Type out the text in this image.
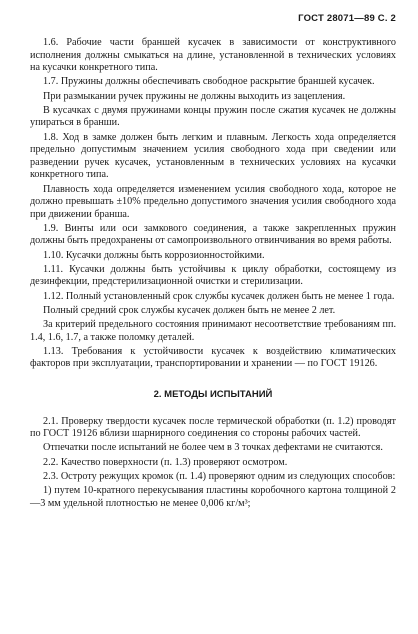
ГОСТ 28071—89 С. 2

1.6. Рабочие части браншей кусачек в зависимости от конструктивного исполнения должны смыкаться на длине, установленной в технических условиях на кусачки конкретного типа.

1.7. Пружины должны обеспечивать свободное раскрытие браншей кусачек.

При размыкании ручек пружины не должны выходить из зацепления.

В кусачках с двумя пружинами концы пружин после сжатия кусачек не должны упираться в бранши.

1.8. Ход в замке должен быть легким и плавным. Легкость хода определяется предельно допустимым значением усилия свободного хода при сведении или разведении ручек кусачек, установленным в технических условиях на кусачки конкретного типа.

Плавность хода определяется изменением усилия свободного хода, которое не должно превышать ±10% предельно допустимого значения усилия свободного хода при движении бранша.

1.9. Винты или оси замкового соединения, а также закрепленных пружин должны быть предохранены от самопроизвольного отвинчивания во время работы.

1.10. Кусачки должны быть коррозионностойкими.

1.11. Кусачки должны быть устойчивы к циклу обработки, состоящему из дезинфекции, предстерилизационной очистки и стерилизации.

1.12. Полный установленный срок службы кусачек должен быть не менее 1 года.

Полный средний срок службы кусачек должен быть не менее 2 лет.

За критерий предельного состояния принимают несоответствие требованиям пп. 1.4, 1.6, 1.7, а также поломку деталей.

1.13. Требования к устойчивости кусачек к воздействию климатических факторов при эксплуатации, транспортировании и хранении — по ГОСТ 19126.

2. МЕТОДЫ ИСПЫТАНИЙ

2.1. Проверку твердости кусачек после термической обработки (п. 1.2) проводят по ГОСТ 19126 вблизи шарнирного соединения со стороны рабочих частей.

Отпечатки после испытаний не более чем в 3 точках дефектами не считаются.

2.2. Качество поверхности (п. 1.3) проверяют осмотром.

2.3. Остроту режущих кромок (п. 1.4) проверяют одним из следующих способов:

1) путем 10-кратного перекусывания пластины коробочного картона толщиной 2—3 мм удельной плотностью не менее 0,006 кг/м³;
